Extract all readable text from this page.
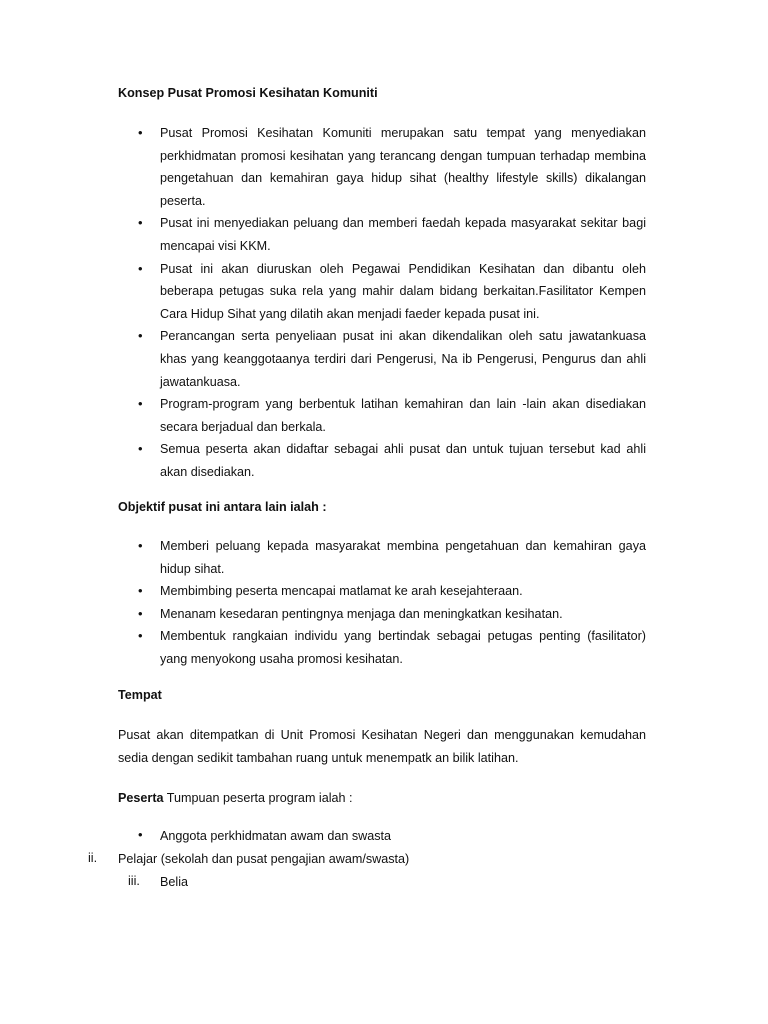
Konsep Pusat Promosi Kesihatan Komuniti
• Pusat Promosi Kesihatan Komuniti merupakan satu tempat yang menyediakan perkhidmatan promosi kesihatan yang terancang dengan tumpuan terhadap membina pengetahuan dan kemahiran gaya hidup sihat (healthy lifestyle skills) dikalangan peserta.
• Pusat ini menyediakan peluang dan memberi faedah kepada masyarakat sekitar bagi mencapai visi KKM.
• Pusat ini akan diuruskan oleh Pegawai Pendidikan Kesihatan dan dibantu oleh beberapa petugas suka rela yang mahir dalam bidang berkaitan.Fasilitator Kempen Cara Hidup Sihat yang dilatih akan menjadi faeder kepada pusat ini.
• Perancangan serta penyeliaan pusat ini akan dikendalikan oleh satu jawatankuasa khas yang keanggotaanya terdiri dari Pengerusi, Na ib Pengerusi, Pengurus dan ahli jawatankuasa.
• Program-program yang berbentuk latihan kemahiran dan lain -lain akan disediakan secara berjadual dan berkala.
• Semua peserta akan didaftar sebagai ahli pusat dan untuk tujuan tersebut kad ahli akan disediakan.
Objektif pusat ini antara lain ialah :
• Memberi peluang kepada masyarakat membina pengetahuan dan kemahiran gaya hidup sihat.
• Membimbing peserta mencapai matlamat ke arah kesejahteraan.
• Menanam kesedaran pentingnya menjaga dan meningkatkan kesihatan.
• Membentuk rangkaian individu yang bertindak sebagai petugas penting (fasilitator) yang menyokong usaha promosi kesihatan.
Tempat
Pusat akan ditempatkan di Unit Promosi Kesihatan Negeri dan menggunakan kemudahan sedia dengan sedikit tambahan ruang untuk menempatk an bilik latihan.
Peserta Tumpuan peserta program ialah :
• Anggota perkhidmatan awam dan swasta
ii. Pelajar (sekolah dan pusat pengajian awam/swasta)
iii. Belia
